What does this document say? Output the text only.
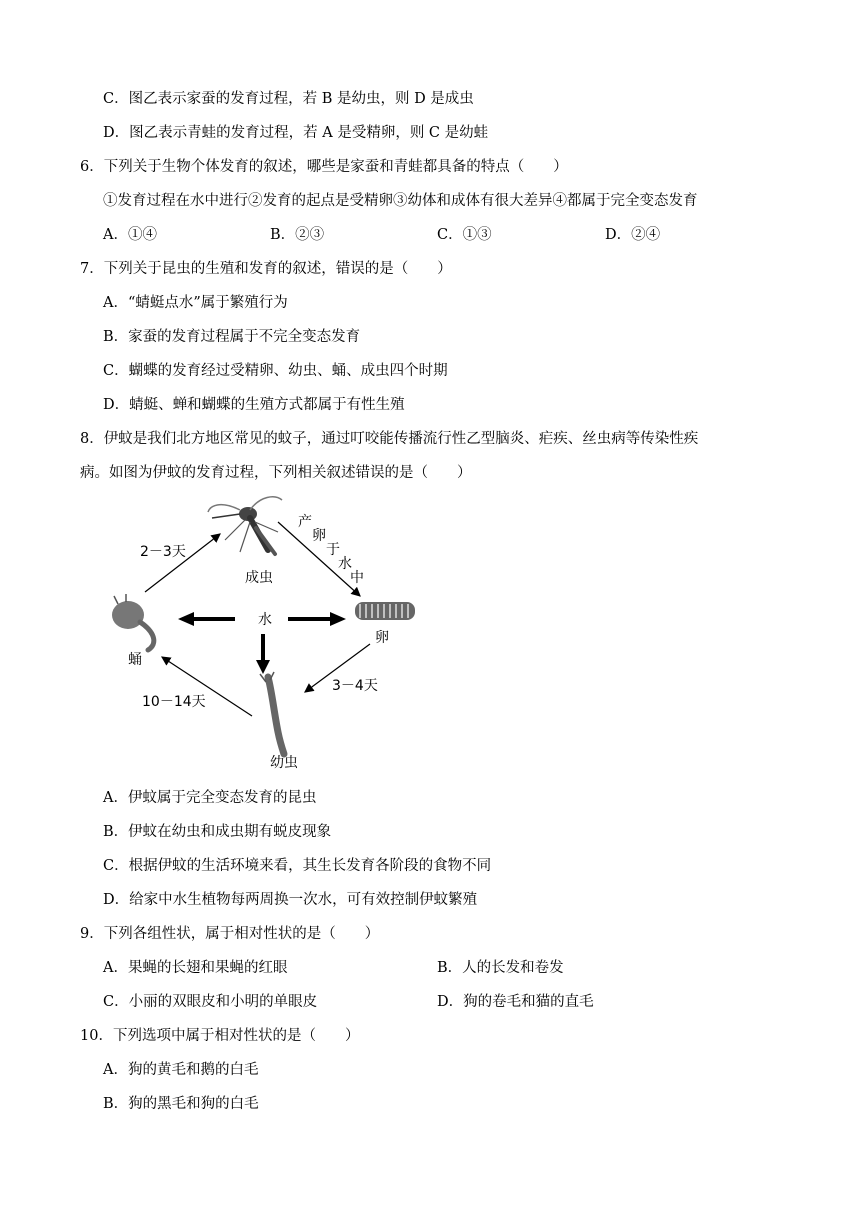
C．图乙表示家蚕的发育过程，若 B 是幼虫，则 D 是成虫
D．图乙表示青蛙的发育过程，若 A 是受精卵，则 C 是幼蛙
6．下列关于生物个体发育的叙述，哪些是家蚕和青蛙都具备的特点（　　）
①发育过程在水中进行②发育的起点是受精卵③幼体和成体有很大差异④都属于完全变态发育
A．①④	B．②③	C．①③	D．②④
7．下列关于昆虫的生殖和发育的叙述，错误的是（　　）
A．“蜻蜓点水”属于繁殖行为
B．家蚕的发育过程属于不完全变态发育
C．蝴蝶的发育经过受精卵、幼虫、蛹、成虫四个时期
D．蜻蜓、蝉和蝴蝶的生殖方式都属于有性生殖
8．伊蚊是我们北方地区常见的蚊子，通过叮咬能传播流行性乙型脑炎、疟疾、丝虫病等传染性疾
病。如图为伊蚊的发育过程，下列相关叙述错误的是（　　）
成虫
卵
蛹
幼虫
水
2－3天
3－4天
10－14天
产
卵
于
水
中
A．伊蚊属于完全变态发育的昆虫
B．伊蚊在幼虫和成虫期有蜕皮现象
C．根据伊蚊的生活环境来看，其生长发育各阶段的食物不同
D．给家中水生植物每两周换一次水，可有效控制伊蚊繁殖
9．下列各组性状，属于相对性状的是（　　）
A．果蝇的长翅和果蝇的红眼	B．人的长发和卷发
C．小丽的双眼皮和小明的单眼皮	D．狗的卷毛和猫的直毛
10．下列选项中属于相对性状的是（　　）
A．狗的黄毛和鹅的白毛
B．狗的黑毛和狗的白毛
